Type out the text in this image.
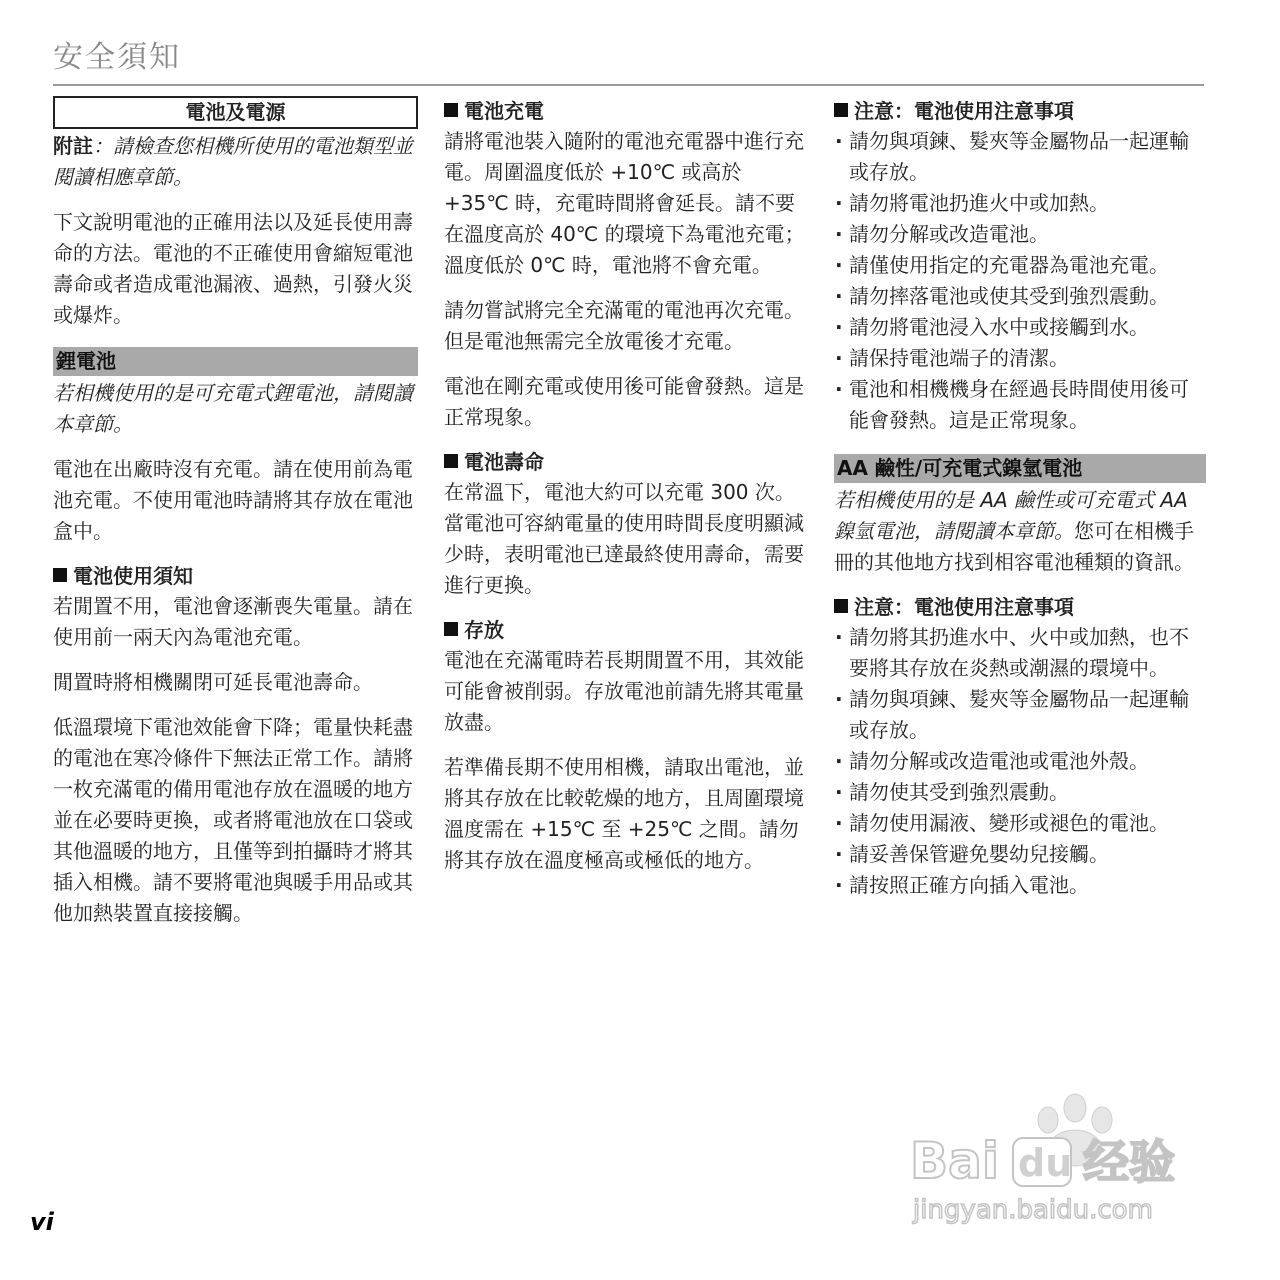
安全須知
電池及電源

附註：請檢查您相機所使用的電池類型並閱讀相應章節。

下文說明電池的正確用法以及延長使用壽命的方法。電池的不正確使用會縮短電池壽命或者造成電池漏液、過熱，引發火災或爆炸。

鋰電池

若相機使用的是可充電式鋰電池，請閱讀本章節。

電池在出廠時沒有充電。請在使用前為電池充電。不使用電池時請將其存放在電池盒中。

電池使用須知

若閒置不用，電池會逐漸喪失電量。請在使用前一兩天內為電池充電。

閒置時將相機關閉可延長電池壽命。

低溫環境下電池效能會下降；電量快耗盡的電池在寒冷條件下無法正常工作。請將一枚充滿電的備用電池存放在溫暖的地方並在必要時更換，或者將電池放在口袋或其他溫暖的地方，且僅等到拍攝時才將其插入相機。請不要將電池與暖手用品或其他加熱裝置直接接觸。

電池充電

請將電池裝入隨附的電池充電器中進行充電。周圍溫度低於 +10℃ 或高於 +35℃ 時，充電時間將會延長。請不要在溫度高於 40℃ 的環境下為電池充電；溫度低於 0℃ 時，電池將不會充電。

請勿嘗試將完全充滿電的電池再次充電。但是電池無需完全放電後才充電。

電池在剛充電或使用後可能會發熱。這是正常現象。

電池壽命

在常溫下，電池大約可以充電 300 次。當電池可容納電量的使用時間長度明顯減少時，表明電池已達最終使用壽命，需要進行更換。

存放

電池在充滿電時若長期閒置不用，其效能可能會被削弱。存放電池前請先將其電量放盡。

若準備長期不使用相機，請取出電池，並將其存放在比較乾燥的地方，且周圍環境溫度需在 +15℃ 至 +25℃ 之間。請勿將其存放在溫度極高或極低的地方。

注意：電池使用注意事項
· 請勿與項鍊、髮夾等金屬物品一起運輸或存放。
· 請勿將電池扔進火中或加熱。
· 請勿分解或改造電池。
· 請僅使用指定的充電器為電池充電。
· 請勿摔落電池或使其受到強烈震動。
· 請勿將電池浸入水中或接觸到水。
· 請保持電池端子的清潔。
· 電池和相機機身在經過長時間使用後可能會發熱。這是正常現象。
AA 鹼性/可充電式鎳氫電池

若相機使用的是 AA 鹼性或可充電式 AA 鎳氫電池，請閱讀本章節。您可在相機手冊的其他地方找到相容電池種類的資訊。

注意：電池使用注意事項
· 請勿將其扔進水中、火中或加熱，也不要將其存放在炎熱或潮濕的環境中。
· 請勿與項鍊、髮夾等金屬物品一起運輸或存放。
· 請勿分解或改造電池或電池外殼。
· 請勿使其受到強烈震動。
· 請勿使用漏液、變形或褪色的電池。
· 請妥善保管避免嬰幼兒接觸。
· 請按照正確方向插入電池。
vi
Bai du 经验
jingyan.baidu.com
